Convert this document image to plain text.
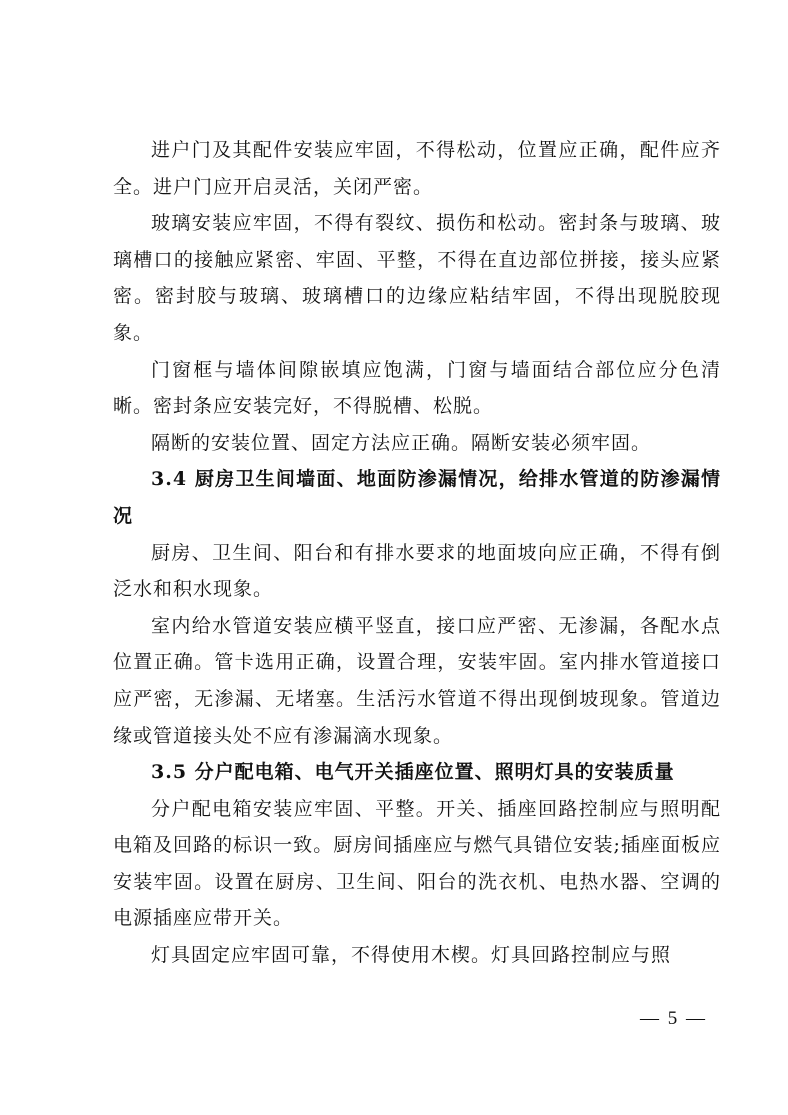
进户门及其配件安装应牢固，不得松动，位置应正确，配件应齐全。进户门应开启灵活，关闭严密。

玻璃安装应牢固，不得有裂纹、损伤和松动。密封条与玻璃、玻璃槽口的接触应紧密、牢固、平整，不得在直边部位拼接，接头应紧密。密封胶与玻璃、玻璃槽口的边缘应粘结牢固，不得出现脱胶现象。

门窗框与墙体间隙嵌填应饱满，门窗与墙面结合部位应分色清晰。密封条应安装完好，不得脱槽、松脱。

隔断的安装位置、固定方法应正确。隔断安装必须牢固。

3.4 厨房卫生间墙面、地面防渗漏情况，给排水管道的防渗漏情况

厨房、卫生间、阳台和有排水要求的地面坡向应正确，不得有倒泛水和积水现象。

室内给水管道安装应横平竖直，接口应严密、无渗漏，各配水点位置正确。管卡选用正确，设置合理，安装牢固。室内排水管道接口应严密，无渗漏、无堵塞。生活污水管道不得出现倒坡现象。管道边缘或管道接头处不应有渗漏滴水现象。

3.5 分户配电箱、电气开关插座位置、照明灯具的安装质量

分户配电箱安装应牢固、平整。开关、插座回路控制应与照明配电箱及回路的标识一致。厨房间插座应与燃气具错位安装;插座面板应安装牢固。设置在厨房、卫生间、阳台的洗衣机、电热水器、空调的电源插座应带开关。

灯具固定应牢固可靠，不得使用木楔。灯具回路控制应与照

— 5 —
